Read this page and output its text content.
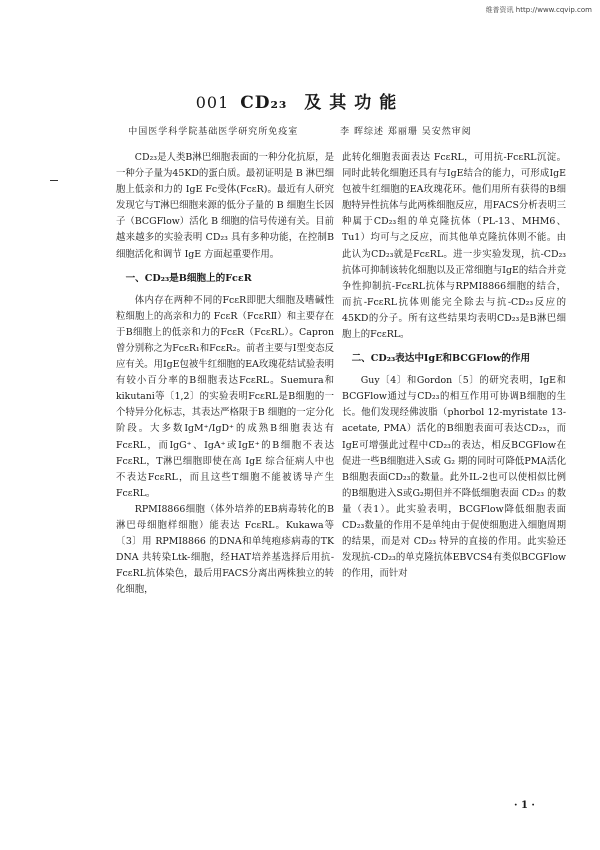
维普资讯 http://www.cqvip.com
001 CD₂₃ 及其功能
中国医学科学院基础医学研究所免疫室	李 晖综述 郑丽珊 吴安然审阅

CD₂₃是人类B淋巴细胞表面的一种分化抗原，是一种分子量为45KD的蛋白质。最初证明是 B 淋巴细胞上低亲和力的 IgE Fc受体(FcεR)。最近有人研究发现它与T淋巴细胞来源的低分子量的 B 细胞生长因子（BCGFlow）活化 B 细胞的信号传递有关。目前越来越多的实验表明 CD₂₃ 具有多种功能，在控制B细胞活化和调节 IgE 方面起重要作用。

一、CD₂₃是B细胞上的FcεR

体内存在两种不同的FcεR即肥大细胞及嗜碱性粒细胞上的高亲和力的 FcεR（FcεRⅡ）和主要存在于B细胞上的低亲和力的FcεR（FcεRL）。Capron 曾分别称之为FcεR₁和FcεR₂。前者主要与Ⅰ型变态反应有关。用IgE包被牛红细胞的EA玫瑰花结试验表明有较小百分率的B细胞表达FcεRL。Suemura和kikutani等〔1,2〕的实验表明FcεRL是B细胞的一个特异分化标志，其表达严格限于B 细胞的一定分化阶段。大多数IgM⁺/IgD⁺的成熟B细胞表达有 FcεRL，而IgG⁺、IgA⁺或IgE⁺的B细胞不表达FcεRL，T淋巴细胞即使在高 IgE 综合征病人中也不表达FcεRL，而且这些T细胞不能被诱导产生FcεRL。

RPMI8866细胞（体外培养的EB病毒转化的B淋巴母细胞样细胞）能表达 FcεRL。Kukawa等〔3〕用 RPMI8866 的DNA和单纯疱疹病毒的TK DNA 共转染Ltk-细胞，经HAT培养基选择后用抗-FcεRL抗体染色，最后用FACS分离出两株独立的转化细胞，

此转化细胞表面表达 FcεRL，可用抗-FcεRL沉淀。同时此转化细胞还具有与IgE结合的能力，可形成IgE包被牛红细胞的EA玫瑰花环。他们用所有获得的B细胞特异性抗体与此两株细胞反应，用FACS分析表明三种属于CD₂₃组的单克隆抗体（PL-13、MHM6、Tu1）均可与之反应，而其他单克隆抗体则不能。由此认为CD₂₃就是FcεRL。进一步实验发现，抗-CD₂₃抗体可抑制该转化细胞以及正常细胞与IgE的结合并竞争性抑制抗-FcεRL抗体与RPMI8866细胞的结合，而抗-FcεRL抗体则能完全除去与抗-CD₂₃反应的45KD的分子。所有这些结果均表明CD₂₃是B淋巴细胞上的FcεRL。

二、CD₂₃表达中IgE和BCGFlow的作用

Guy〔4〕和Gordon〔5〕的研究表明，IgE和BCGFlow通过与CD₂₃的相互作用可协调B细胞的生长。他们发现经佛波脂（phorbol 12-myristate 13-acetate, PMA）活化的B细胞表面可表达CD₂₃，而IgE可增强此过程中CD₂₃的表达，相反BCGFlow在促进一些B细胞进入S或 G₂ 期的同时可降低PMA活化B细胞表面CD₂₃的数量。此外IL-2也可以使相似比例的B细胞进入S或G₂期但并不降低细胞表面 CD₂₃ 的数量（表1）。此实验表明，BCGFlow降低细胞表面CD₂₃数量的作用不是单纯由于促使细胞进入细胞周期的结果，而是对 CD₂₃ 特异的直接的作用。此实验还发现抗-CD₂₃的单克隆抗体EBVCS4有类似BCGFlow的作用，而针对

· 1 ·
